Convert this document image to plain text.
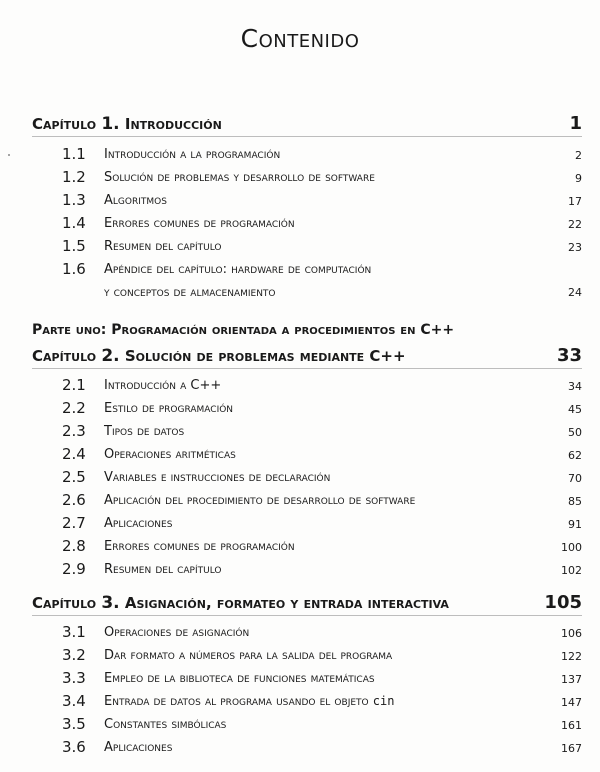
Contenido
Capítulo 1. Introducción	1
1.1 Introducción a la programación	2
1.2 Solución de problemas y desarrollo de software	9
1.3 Algoritmos	17
1.4 Errores comunes de programación	22
1.5 Resumen del capítulo	23
1.6 Apéndice del capítulo: hardware de computación
y conceptos de almacenamiento	24
Parte uno: Programación orientada a procedimientos en C++
Capítulo 2. Solución de problemas mediante C++	33
2.1 Introducción a C++	34
2.2 Estilo de programación	45
2.3 Tipos de datos	50
2.4 Operaciones aritméticas	62
2.5 Variables e instrucciones de declaración	70
2.6 Aplicación del procedimiento de desarrollo de software	85
2.7 Aplicaciones	91
2.8 Errores comunes de programación	100
2.9 Resumen del capítulo	102
Capítulo 3. Asignación, formateo y entrada interactiva	105
3.1 Operaciones de asignación	106
3.2 Dar formato a números para la salida del programa	122
3.3 Empleo de la biblioteca de funciones matemáticas	137
3.4 Entrada de datos al programa usando el objeto cin	147
3.5 Constantes simbólicas	161
3.6 Aplicaciones	167
